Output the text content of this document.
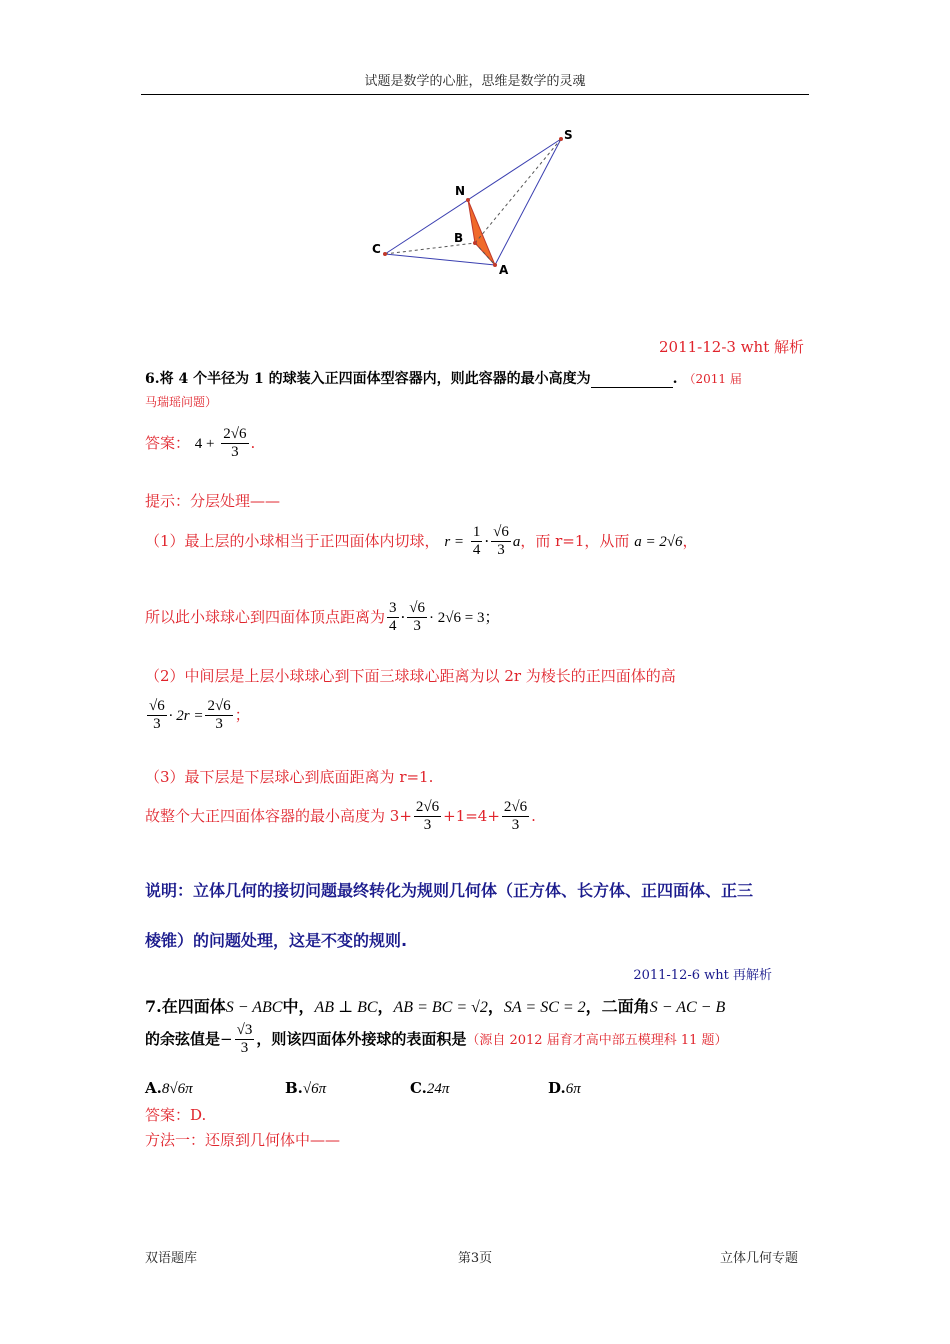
试题是数学的心脏，思维是数学的灵魂
S
N
C
B
A
2011-12-3 wht 解析
6.将 4 个半径为 1 的球装入正四面体型容器内，则此容器的最小高度为	. （2011 届
马瑞瑶问题）
答案： $4 + \frac{2√6}{3}$ .
提示：分层处理——
（1）最上层的小球相当于正四面体内切球， $r = \frac{1}{4} \cdot \frac{√6}{3}$ a，而 r=1，从而 a = 2√6，
所以此小球球心到四面体顶点距离为 $\frac{3}{4} \cdot \frac{√6}{3} \cdot 2√6 = 3$；
（2）中间层是上层小球球心到下面三球球心距离为以 2r 为棱长的正四面体的高
$\frac{√6}{3} \cdot 2r = \frac{2√6}{3}$ ；
（3）最下层是下层球心到底面距离为 r=1.
故整个大正四面体容器的最小高度为 $3+ \frac{2√6}{3} +1=4+ \frac{2√6}{3}$ .
说明：立体几何的接切问题最终转化为规则几何体（正方体、长方体、正四面体、正三
棱锥）的问题处理，这是不变的规则.
2011-12-6 wht 再解析
7.在四面体S − ABC中，AB ⊥ BC，AB = BC = √2，SA = SC = 2，二面角S − AC − B
的余弦值是− $\frac{√3}{3}$ ，则该四面体外接球的表面积是（源自 2012 届育才高中部五模理科 11 题）
A.8√6π	B.√6π	C.24π	D.6π
答案：D.
方法一：还原到几何体中——
双语题库	第3页	立体几何专题
